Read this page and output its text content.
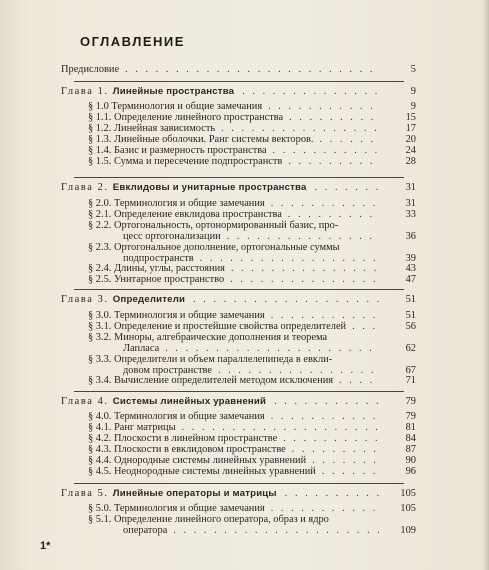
ОГЛАВЛЕНИЕ
Предисловие . . . . . . . . . . . . . . . . . . . . . . . . .	5
Глава 1. Линейные пространства . . . . . . . . . . . . . .	9
§ 1.0 Терминология и общие замечания . . . . . . . . . . .	9
§ 1.1. Определение линейного пространства . . . . . . . . .	15
§ 1.2. Линейная зависимость . . . . . . . . . . . . . . . .	17
§ 1.3. Линейные оболочки. Ранг системы векторов. . . . . . .	20
§ 1.4. Базис и размерность пространства . . . . . . . . . . .	24
§ 1.5. Сумма и пересечение подпространств . . . . . . . . .	28
Глава 2. Евклидовы и унитарные пространства . . . . . . .	31
§ 2.0. Терминология и общие замечания . . . . . . . . . . .	31
§ 2.1. Определение евклидова пространства . . . . . . . . .	33
§ 2.2. Ортогональность, ортонормированный базис, про-
цесс ортогонализации . . . . . . . . . . . . . . .	36
§ 2.3. Ортогональное дополнение, ортогональные суммы
подпространств . . . . . . . . . . . . . . . . . .	39
§ 2.4. Длины, углы, расстояния . . . . . . . . . . . . . . .	43
§ 2.5. Унитарное пространство . . . . . . . . . . . . . . .	47
Глава 3. Определители . . . . . . . . . . . . . . . . . . .	51
§ 3.0. Терминология и общие замечания . . . . . . . . . . .	51
§ 3.1. Определение и простейшие свойства определителей . . .	56
§ 3.2. Миноры, алгебраические дополнения и теорема
Лапласа . . . . . . . . . . . . . . . . . . . . .	62
§ 3.3. Определители и объем параллелепипеда в евкли-
довом пространстве . . . . . . . . . . . . . . . .	67
§ 3.4. Вычисление определителей методом исключения . . . .	71
Глава 4. Системы линейных уравнений . . . . . . . . . . .	79
§ 4.0. Терминология и общие замечания . . . . . . . . . . .	79
§ 4.1. Ранг матрицы . . . . . . . . . . . . . . . . . . . .	81
§ 4.2. Плоскости в линейном пространстве . . . . . . . . . .	84
§ 4.3. Плоскости в евклидовом пространстве . . . . . . . . .	87
§ 4.4. Однородные системы линейных уравнений . . . . . . .	90
§ 4.5. Неоднородные системы линейных уравнений . . . . . .	96
Глава 5. Линейные операторы и матрицы . . . . . . . . . .	105
§ 5.0. Терминология и общие замечания . . . . . . . . . . .	105
§ 5.1. Определение линейного оператора, образ и ядро
оператора . . . . . . . . . . . . . . . . . . . . .	109
1*
